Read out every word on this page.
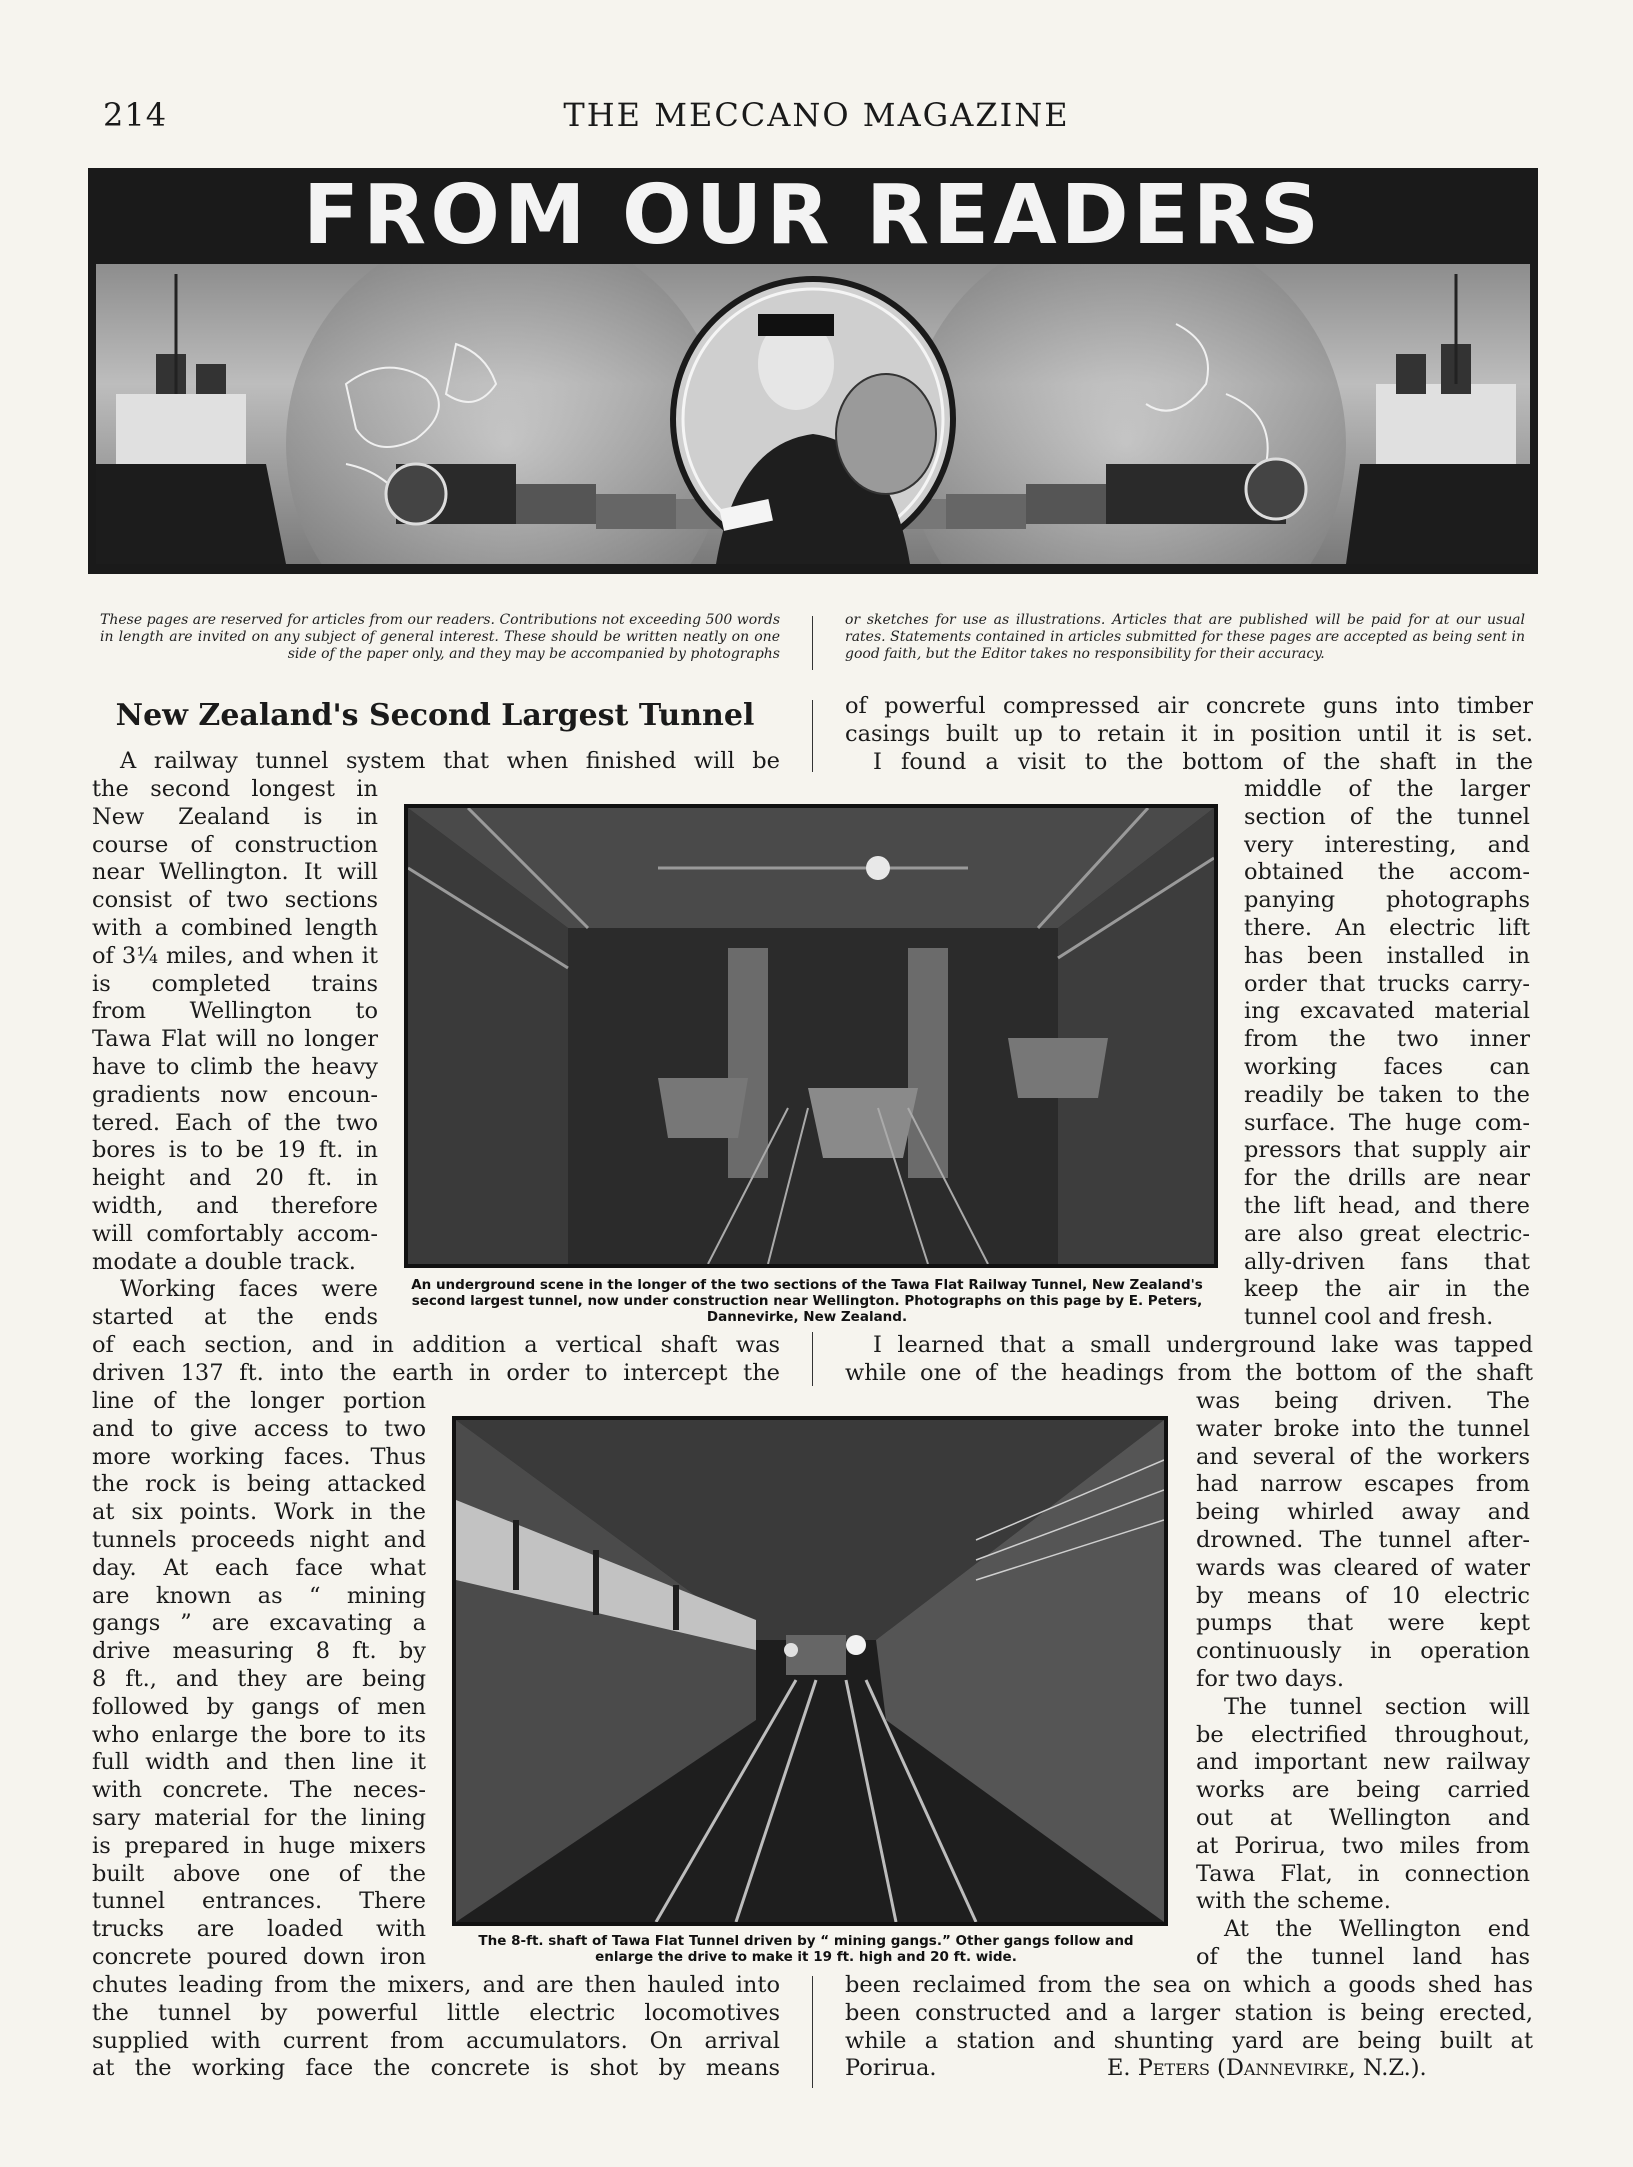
214	THE MECCANO MAGAZINE
FROM OUR READERS
These pages are reserved for articles from our readers. Contributions not exceeding 500 words in length are invited on any subject of general interest. These should be written neatly on one side of the paper only, and they may be accompanied by photographs
or sketches for use as illustrations. Articles that are published will be paid for at our usual rates. Statements contained in articles submitted for these pages are accepted as being sent in good faith, but the Editor takes no responsibility for their accuracy.
New Zealand's Second Largest Tunnel

A railway tunnel system that when finished will be

the second longest in

New Zealand is in

course of construction

near Wellington. It will

consist of two sections

with a combined length

of 3¼ miles, and when it

is completed trains

from Wellington to

Tawa Flat will no longer

have to climb the heavy

gradients now encoun-

tered. Each of the two

bores is to be 19 ft. in

height and 20 ft. in

width, and therefore

will comfortably accom-

modate a double track.

Working faces were

started at the ends

of each section, and in addition a vertical shaft was

driven 137 ft. into the earth in order to intercept the

line of the longer portion

and to give access to two

more working faces. Thus

the rock is being attacked

at six points. Work in the

tunnels proceeds night and

day. At each face what

are known as “ mining

gangs ” are excavating a

drive measuring 8 ft. by

8 ft., and they are being

followed by gangs of men

who enlarge the bore to its

full width and then line it

with concrete. The neces-

sary material for the lining

is prepared in huge mixers

built above one of the

tunnel entrances. There

trucks are loaded with

concrete poured down iron

chutes leading from the mixers, and are then hauled into

the tunnel by powerful little electric locomotives

supplied with current from accumulators. On arrival

at the working face the concrete is shot by means

of powerful compressed air concrete guns into timber

casings built up to retain it in position until it is set.

I found a visit to the bottom of the shaft in the

middle of the larger

section of the tunnel

very interesting, and

obtained the accom-

panying photographs

there. An electric lift

has been installed in

order that trucks carry-

ing excavated material

from the two inner

working faces can

readily be taken to the

surface. The huge com-

pressors that supply air

for the drills are near

the lift head, and there

are also great electric-

ally-driven fans that

keep the air in the

tunnel cool and fresh.

I learned that a small underground lake was tapped

while one of the headings from the bottom of the shaft

was being driven. The

water broke into the tunnel

and several of the workers

had narrow escapes from

being whirled away and

drowned. The tunnel after-

wards was cleared of water

by means of 10 electric

pumps that were kept

continuously in operation

for two days.

The tunnel section will

be electrified throughout,

and important new railway

works are being carried

out at Wellington and

at Porirua, two miles from

Tawa Flat, in connection

with the scheme.

At the Wellington end

of the tunnel land has

been reclaimed from the sea on which a goods shed has

been constructed and a larger station is being erected,

while a station and shunting yard are being built at

Porirua.	E. Peters (Dannevirke, N.Z.).
An underground scene in the longer of the two sections of the Tawa Flat Railway Tunnel, New Zealand's second largest tunnel, now under construction near Wellington. Photographs on this page by E. Peters, Dannevirke, New Zealand.
The 8-ft. shaft of Tawa Flat Tunnel driven by “ mining gangs.” Other gangs follow and enlarge the drive to make it 19 ft. high and 20 ft. wide.
